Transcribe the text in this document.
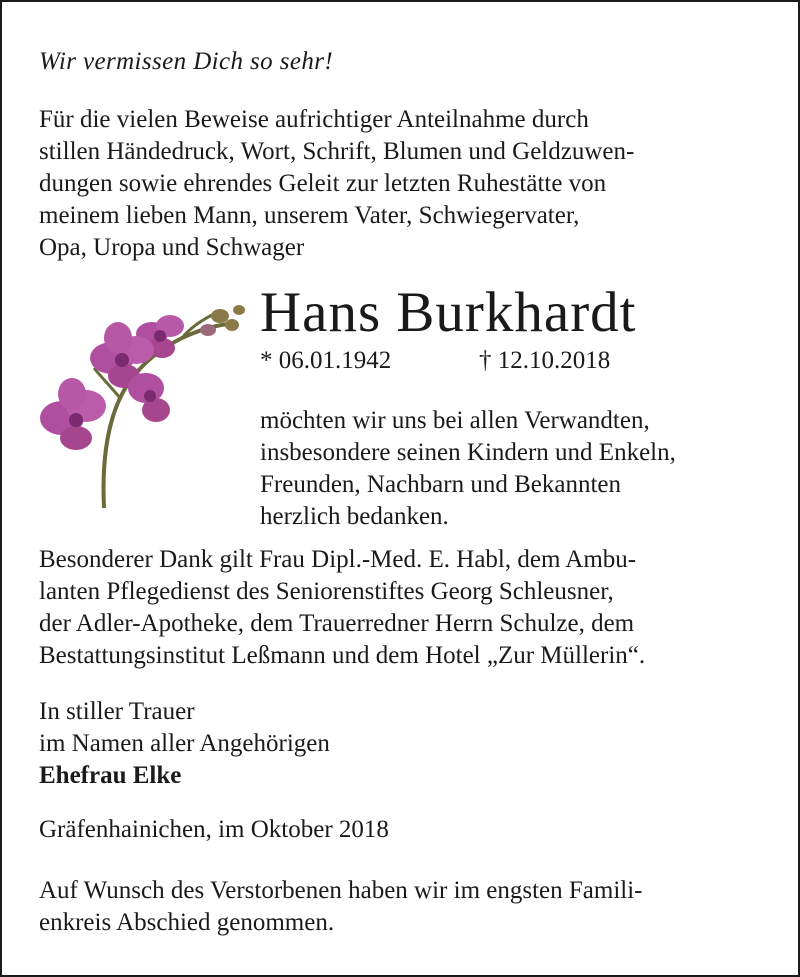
Wir vermissen Dich so sehr!

Für die vielen Beweise aufrichtiger Anteilnahme durch
stillen Händedruck, Wort, Schrift, Blumen und Geldzuwen-
dungen sowie ehrendes Geleit zur letzten Ruhestätte von
meinem lieben Mann, unserem Vater, Schwiegervater,
Opa, Uropa und Schwager

Hans Burkhardt
* 06.01.1942	† 12.10.2018

möchten wir uns bei allen Verwandten,
insbesondere seinen Kindern und Enkeln,
Freunden, Nachbarn und Bekannten
herzlich bedanken.

Besonderer Dank gilt Frau Dipl.-Med. E. Habl, dem Ambu-
lanten Pflegedienst des Seniorenstiftes Georg Schleusner,
der Adler-Apotheke, dem Trauerredner Herrn Schulze, dem
Bestattungsinstitut Leßmann und dem Hotel „Zur Müllerin“.

In stiller Trauer
im Namen aller Angehörigen
Ehefrau Elke

Gräfenhainichen, im Oktober 2018

Auf Wunsch des Verstorbenen haben wir im engsten Famili-
enkreis Abschied genommen.
